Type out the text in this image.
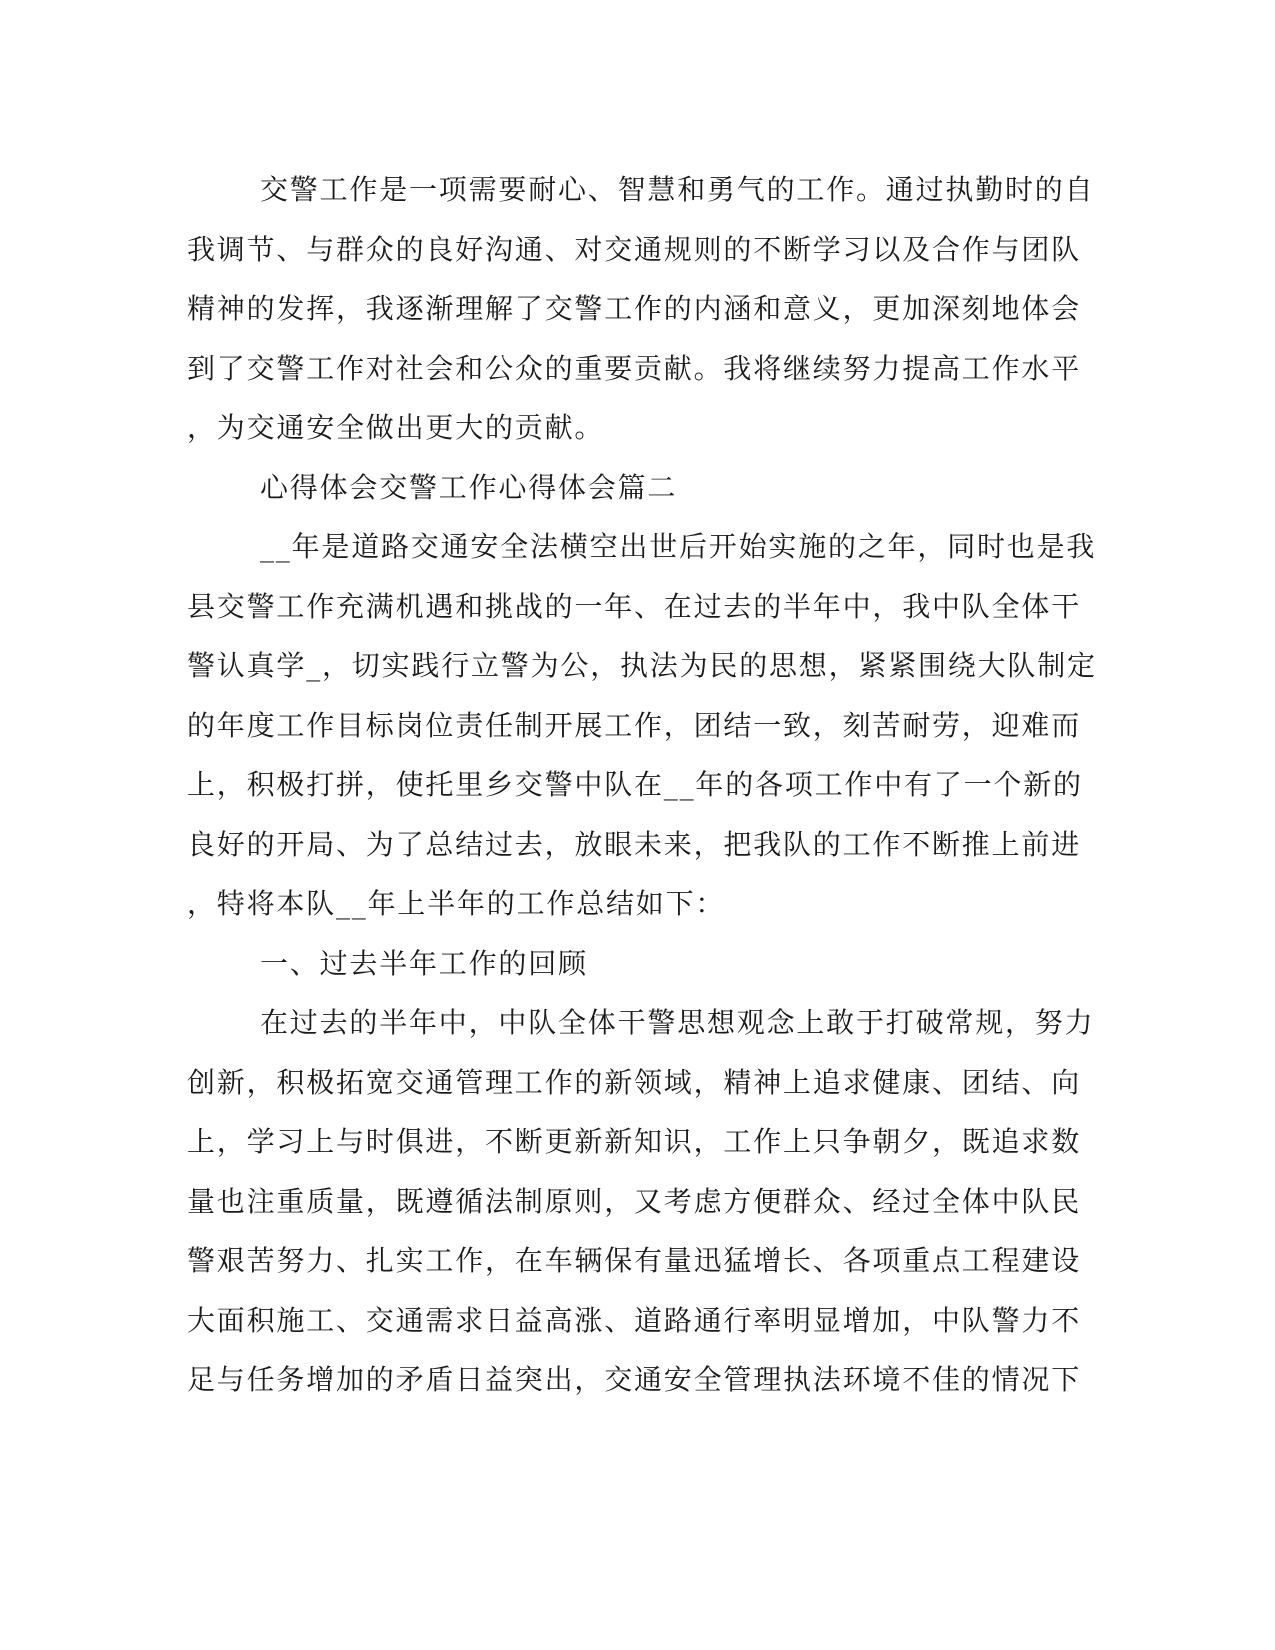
交警工作是一项需要耐心、智慧和勇气的工作。通过执勤时的自
我调节、与群众的良好沟通、对交通规则的不断学习以及合作与团队
精神的发挥，我逐渐理解了交警工作的内涵和意义，更加深刻地体会
到了交警工作对社会和公众的重要贡献。我将继续努力提高工作水平
，为交通安全做出更大的贡献。
心得体会交警工作心得体会篇二
__年是道路交通安全法横空出世后开始实施的之年，同时也是我
县交警工作充满机遇和挑战的一年、在过去的半年中，我中队全体干
警认真学_，切实践行立警为公，执法为民的思想，紧紧围绕大队制定
的年度工作目标岗位责任制开展工作，团结一致，刻苦耐劳，迎难而
上，积极打拼，使托里乡交警中队在__年的各项工作中有了一个新的
良好的开局、为了总结过去，放眼未来，把我队的工作不断推上前进
，特将本队__年上半年的工作总结如下：
一、过去半年工作的回顾
在过去的半年中，中队全体干警思想观念上敢于打破常规，努力
创新，积极拓宽交通管理工作的新领域，精神上追求健康、团结、向
上，学习上与时俱进，不断更新新知识，工作上只争朝夕，既追求数
量也注重质量，既遵循法制原则，又考虑方便群众、经过全体中队民
警艰苦努力、扎实工作，在车辆保有量迅猛增长、各项重点工程建设
大面积施工、交通需求日益高涨、道路通行率明显增加，中队警力不
足与任务增加的矛盾日益突出，交通安全管理执法环境不佳的情况下
